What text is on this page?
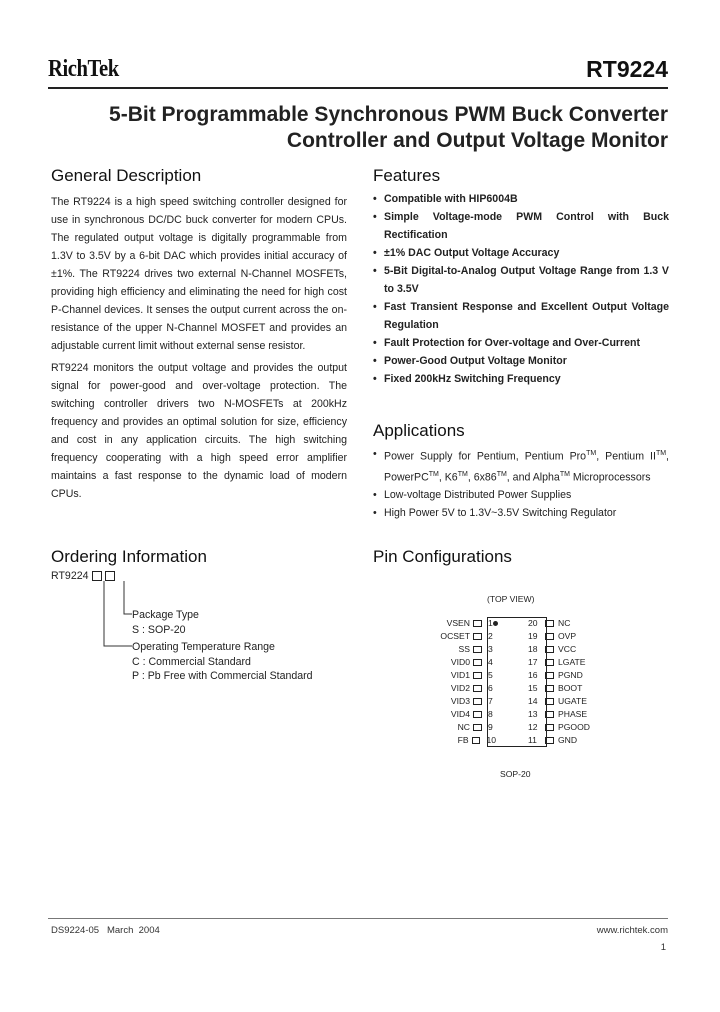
RichTek	RT9224
5-Bit Programmable Synchronous PWM Buck Converter
Controller and Output Voltage Monitor
General Description

The RT9224 is a high speed switching controller designed for use in synchronous DC/DC buck converter for modern CPUs. The regulated output voltage is digitally programmable from 1.3V to 3.5V by a 6-bit DAC which provides initial accuracy of ±1%. The RT9224 drives two external N-Channel MOSFETs, providing high efficiency and eliminating the need for high cost P-Channel devices. It senses the output current across the on-resistance of the upper N-Channel MOSFET and provides an adjustable current limit without external sense resistor.

RT9224 monitors the output voltage and provides the output signal for power-good and over-voltage protection. The switching controller drivers two N-MOSFETs at 200kHz frequency and provides an optimal solution for size, efficiency and cost in any application circuits. The high switching frequency cooperating with a high speed error amplifier maintains a fast response to the dynamic load of modern CPUs.

Features
• Compatible with HIP6004B
• Simple Voltage-mode PWM Control with Buck Rectification
• ±1% DAC Output Voltage Accuracy
• 5-Bit Digital-to-Analog Output Voltage Range from 1.3 V to 3.5V
• Fast Transient Response and Excellent Output Voltage Regulation
• Fault Protection for Over-voltage and Over-Current
• Power-Good Output Voltage Monitor
• Fixed 200kHz Switching Frequency
Applications
• Power Supply for Pentium, Pentium Pro™, Pentium II™, PowerPC™, K6™, 6x86™, and Alpha™ Microprocessors
• Low-voltage Distributed Power Supplies
• High Power 5V to 1.3V~3.5V Switching Regulator
Ordering Information
RT9224
Package Type
S : SOP-20
Operating Temperature Range
C : Commercial Standard
P : Pb Free with Commercial Standard
Pin Configurations
(TOP VIEW)
VSEN 1
OCSET 2
SS 3
VID0 4
VID1 5
VID2 6
VID3 7
VID4 8
NC 9
FB 10
20	NC
19	OVP
18	VCC
17	LGATE
16	PGND
15	BOOT
14	UGATE
13	PHASE
12	PGOOD
11	GND
SOP-20
DS9224-05   March  2004	www.richtek.com
1
